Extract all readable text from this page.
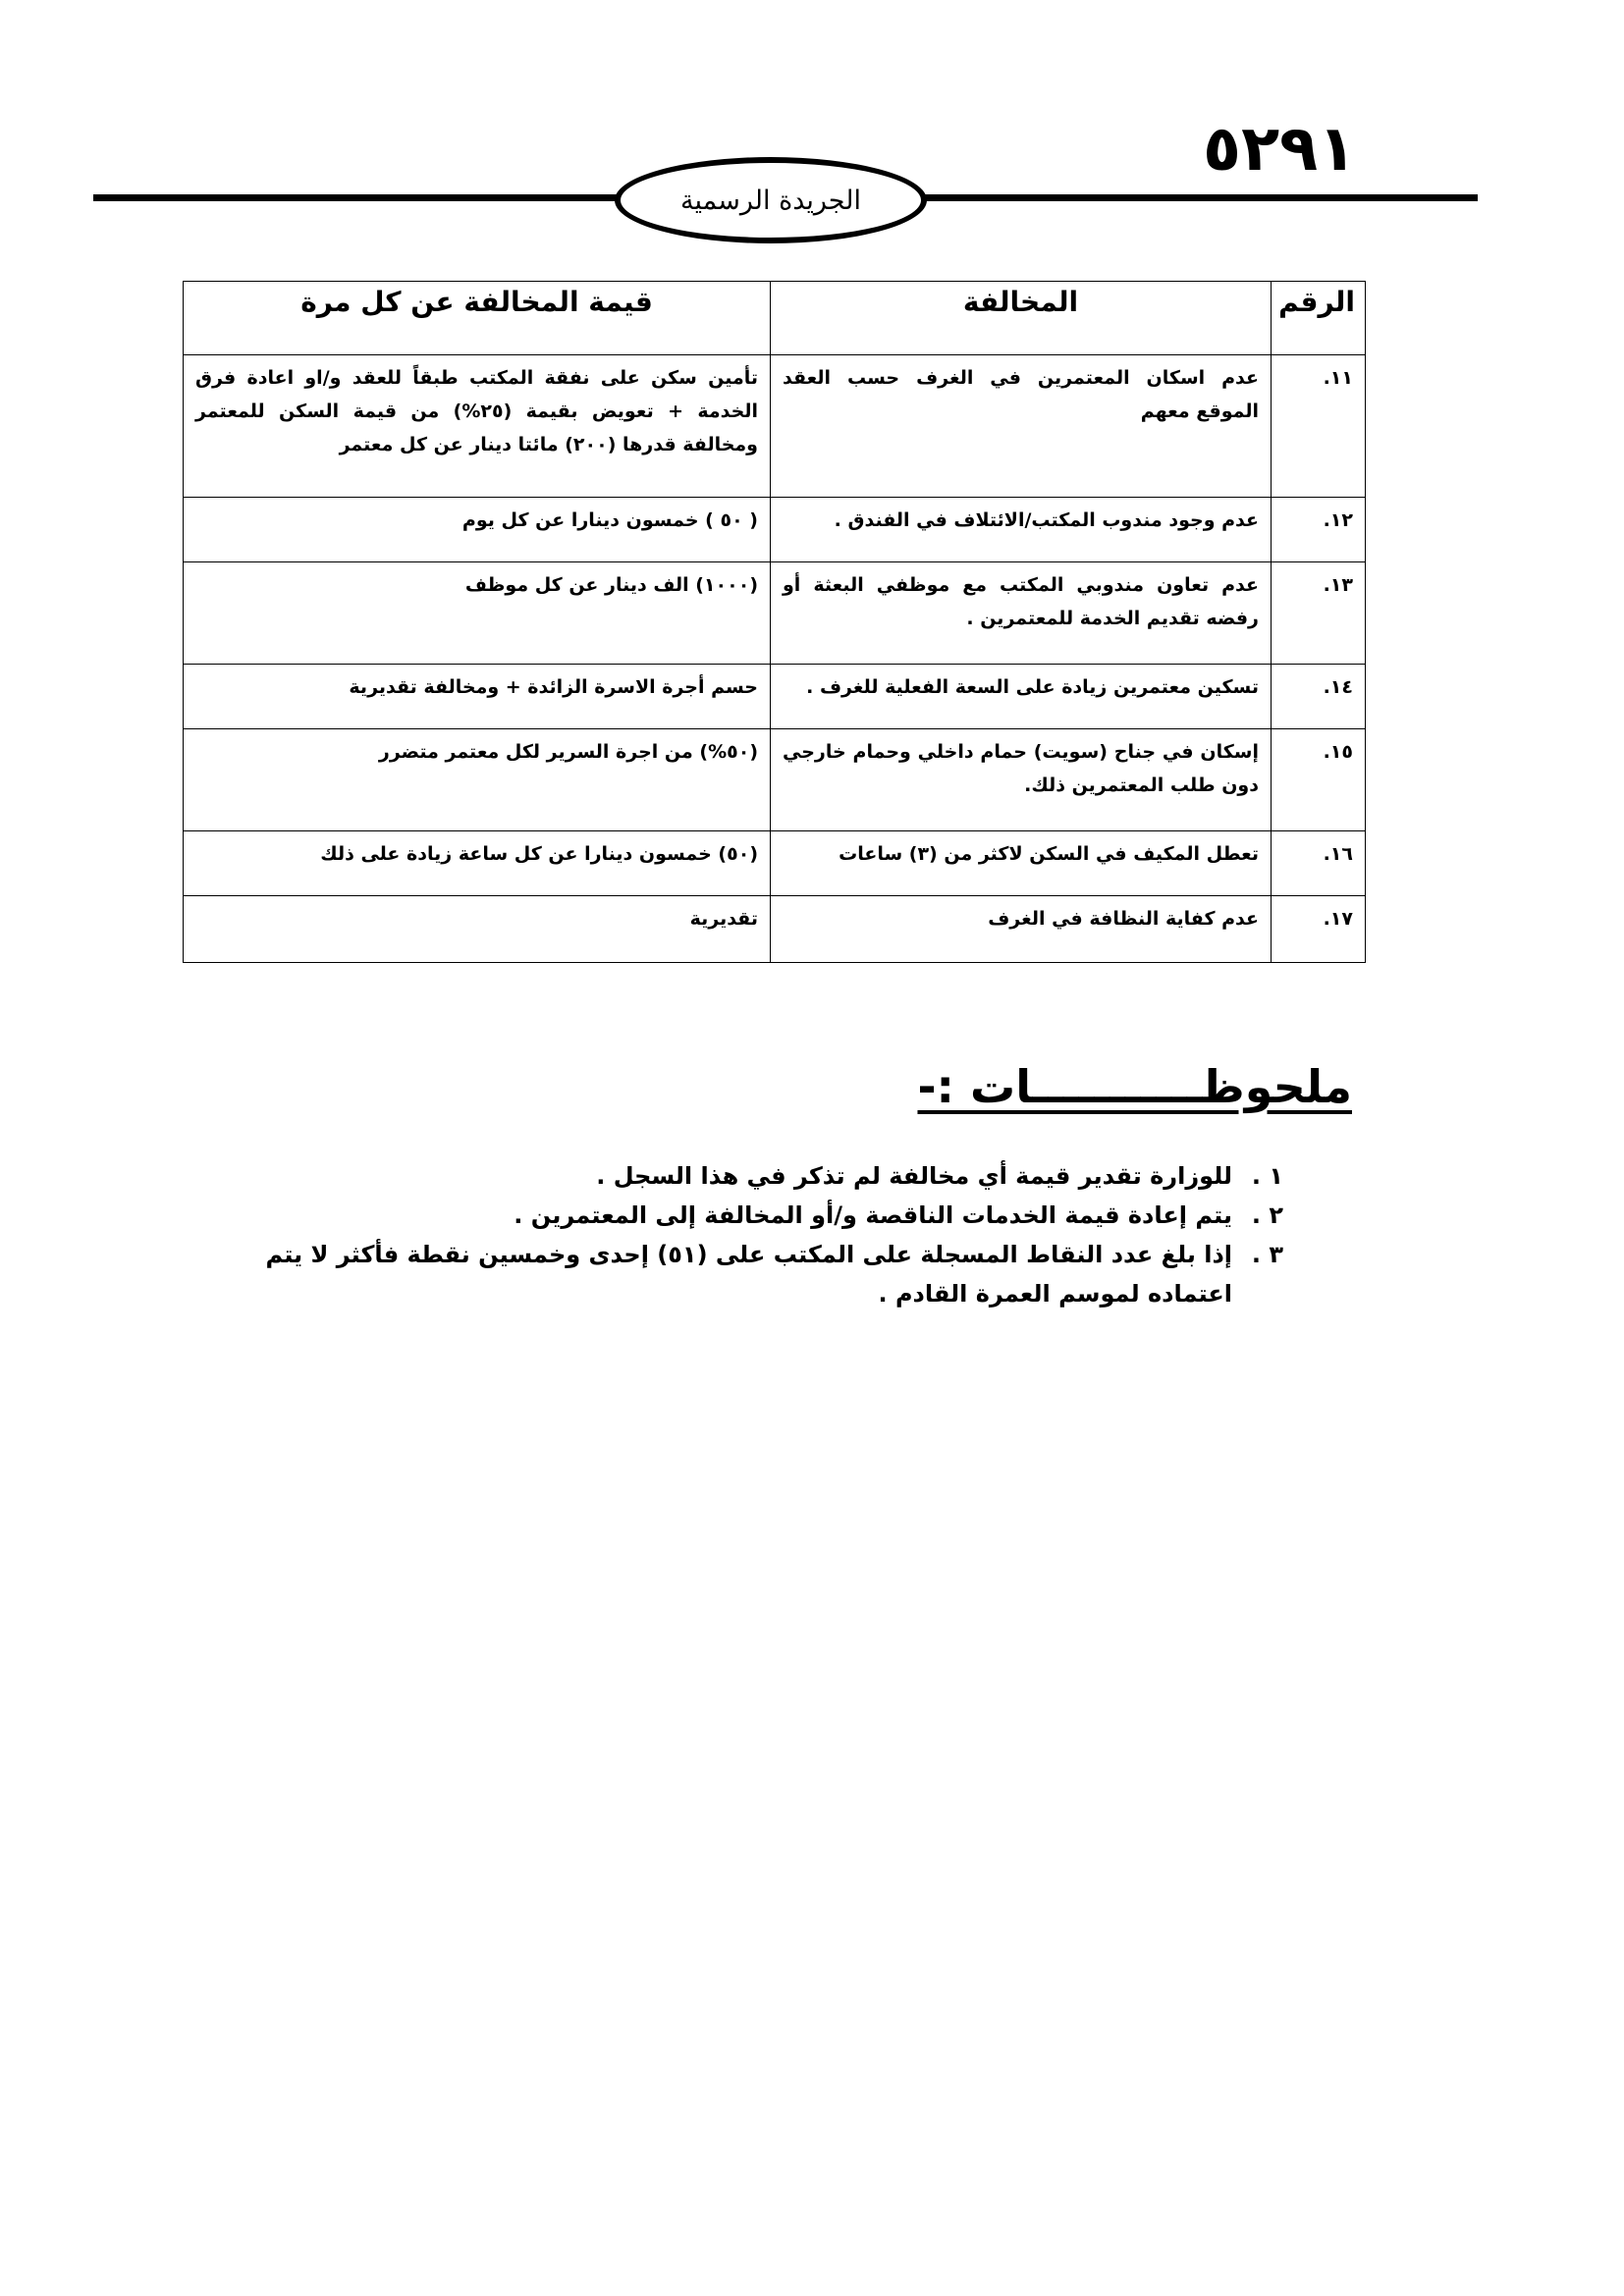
٥٢٩١
الجريدة الرسمية
الرقم	المخالفة	قيمة المخالفة عن كل مرة
١١.	عدم اسكان المعتمرين في الغرف حسب العقد الموقع معهم	تأمين سكن على نفقة المكتب طبقاً للعقد و/او اعادة فرق الخدمة + تعويض بقيمة (٢٥%) من قيمة السكن للمعتمر ومخالفة قدرها (٢٠٠) مائتا دينار عن كل معتمر
١٢.	عدم وجود مندوب المكتب/الائتلاف في الفندق .	( ٥٠ ) خمسون دينارا عن كل يوم
١٣.	عدم تعاون مندوبي المكتب مع موظفي البعثة أو رفضه تقديم الخدمة للمعتمرين .	(١٠٠٠) الف دينار عن كل موظف
١٤.	تسكين معتمرين زيادة على السعة الفعلية للغرف .	حسم أجرة الاسرة الزائدة + ومخالفة تقديرية
١٥.	إسكان في جناح (سويت) حمام داخلي وحمام خارجي دون طلب المعتمرين ذلك.	(٥٠%) من اجرة السرير لكل معتمر متضرر
١٦.	تعطل المكيف في السكن لاكثر من (٣) ساعات	(٥٠) خمسون دينارا عن كل ساعة زيادة على ذلك
١٧.	عدم كفاية النظافة في الغرف	تقديرية
ملحوظـــــــــــات :-
١ .
للوزارة تقدير قيمة أي مخالفة لم تذكر في هذا السجل .
٢ .
يتم إعادة قيمة الخدمات الناقصة و/أو المخالفة إلى المعتمرين .
٣ .
إذا بلغ عدد النقاط المسجلة على المكتب على (٥١) إحدى وخمسين نقطة فأكثر لا يتم اعتماده لموسم العمرة القادم .
